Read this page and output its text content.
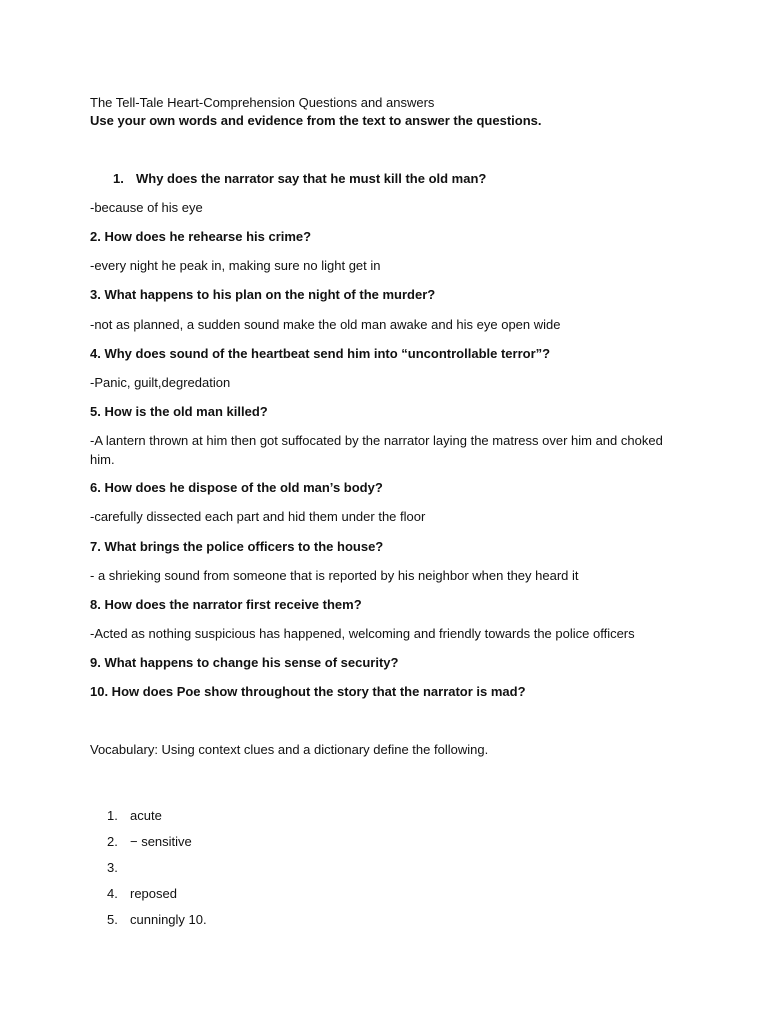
The Tell-Tale Heart-Comprehension Questions and answers
Use your own words and evidence from the text to answer the questions.
1. Why does the narrator say that he must kill the old man?
-because of his eye
2. How does he rehearse his crime?
-every night he peak in, making sure no light get in
3. What happens to his plan on the night of the murder?
-not as planned, a sudden sound make the old man awake and his eye open wide
4. Why does sound of the heartbeat send him into “uncontrollable terror”?
-Panic, guilt,degredation
5. How is the old man killed?
-A lantern thrown at him then got suffocated by the narrator laying the matress over him and choked him.
6. How does he dispose of the old man’s body?
-carefully dissected each part and hid them under the floor
7. What brings the police officers to the house?
- a shrieking sound from someone that is reported by his neighbor when they heard it
8. How does the narrator first receive them?
-Acted as nothing suspicious has happened, welcoming and friendly towards the police officers
9. What happens to change his sense of security?
10. How does Poe show throughout the story that the narrator is mad?
Vocabulary: Using context clues and a dictionary define the following.
1. acute
2. − sensitive
3.
4. reposed
5. cunningly 10.
